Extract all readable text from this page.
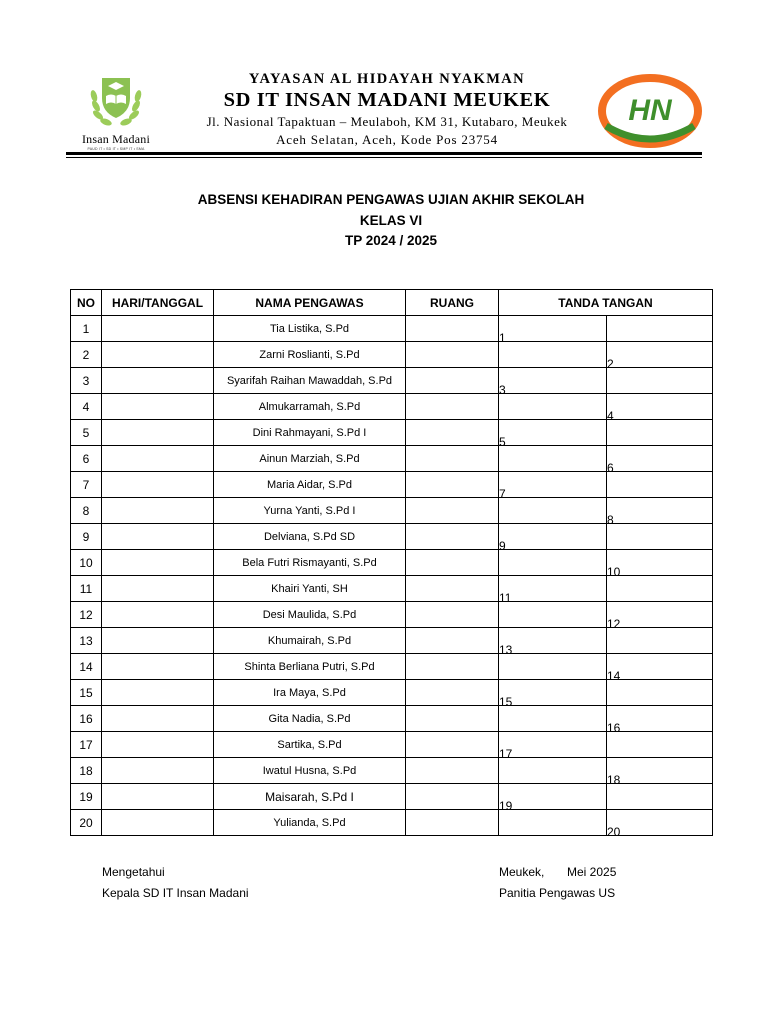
Insan Madani
PAUD IT • SD IT • SMP IT • SMA
YAYASAN AL HIDAYAH NYAKMAN
SD IT INSAN MADANI MEUKEK
Jl. Nasional Tapaktuan – Meulaboh, KM 31, Kutabaro, Meukek
Aceh Selatan, Aceh, Kode Pos 23754
HN
ABSENSI KEHADIRAN PENGAWAS UJIAN AKHIR SEKOLAH
KELAS VI
TP 2024 / 2025
NO	HARI/TANGGAL	NAMA PENGAWAS	RUANG	TANDA TANGAN	
1		Tia Listika, S.Pd		1	
2		Zarni Roslianti, S.Pd			2
3		Syarifah Raihan Mawaddah, S.Pd		3	
4		Almukarramah, S.Pd			4
5		Dini Rahmayani, S.Pd I		5	
6		Ainun Marziah, S.Pd			6
7		Maria Aidar, S.Pd		7	
8		Yurna Yanti, S.Pd I			8
9		Delviana, S.Pd SD		9	
10		Bela Futri Rismayanti, S.Pd			10
11		Khairi Yanti, SH		11	
12		Desi Maulida, S.Pd			12
13		Khumairah, S.Pd		13	
14		Shinta Berliana Putri, S.Pd			14
15		Ira Maya, S.Pd		15	
16		Gita Nadia, S.Pd			16
17		Sartika, S.Pd		17	
18		Iwatul Husna, S.Pd			18
19		Maisarah, S.Pd I		19	
20		Yulianda, S.Pd			20
Mengetahui
Kepala SD IT Insan Madani
Meukek, Mei 2025
Panitia Pengawas US
